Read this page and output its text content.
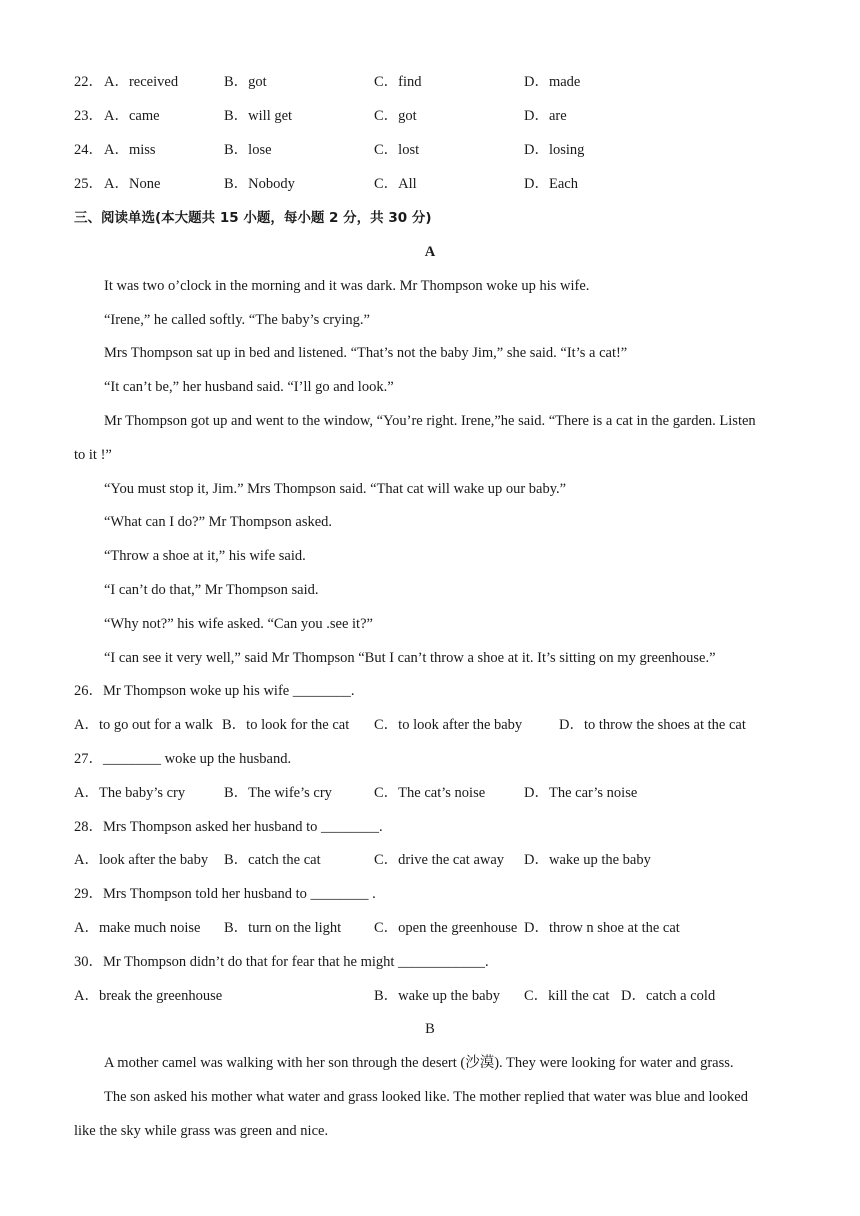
22． A．received	B．got	C．find	D．made
23． A．came	B．will get	C．got	D．are
24． A．miss	B．lose	C．lost	D．losing
25． A．None	B．Nobody	C．All	D．Each
三、阅读单选(本大题共 15 小题，每小题 2 分，共 30 分)
A
It was two o’clock in the morning and it was dark. Mr Thompson woke up his wife.
“Irene,” he called softly. “The baby’s crying.”
Mrs Thompson sat up in bed and listened. “That’s not the baby Jim,” she said. “It’s a cat!”
“It can’t be,” her husband said. “I’ll go and look.”
Mr Thompson got up and went to the window, “You’re right. Irene,”he said. “There is a cat in the garden. Listen
to it !”
“You must stop it, Jim.” Mrs Thompson said. “That cat will wake up our baby.”
“What can I do?” Mr Thompson asked.
“Throw a shoe at it,” his wife said.
“I can’t do that,” Mr Thompson said.
“Why not?” his wife asked. “Can you .see it?”
“I can see it very well,” said Mr Thompson “But I can’t throw a shoe at it. It’s sitting on my greenhouse.”
26．Mr Thompson woke up his wife ________.
A．to go out for a walk B．to look for the cat C．to look after the baby	D．to throw the shoes at the cat
27．________ woke up the husband.
A．The baby’s cry	B．The wife’s cry	C．The cat’s noise	D．The car’s noise
28．Mrs Thompson asked her husband to ________.
A．look after the baby B．catch the cat	C．drive the cat away D．wake up the baby
29．Mrs Thompson told her husband to ________ .
A．make much noise B．turn on the light C．open the greenhouse D．throw n shoe at the cat
30．Mr Thompson didn’t do that for fear that he might ____________.
A．break the greenhouse	B．wake up the baby C．kill the cat D．catch a cold
B
A mother camel was walking with her son through the desert (沙漠). They were looking for water and grass.
The son asked his mother what water and grass looked like. The mother replied that water was blue and looked
like the sky while grass was green and nice.
